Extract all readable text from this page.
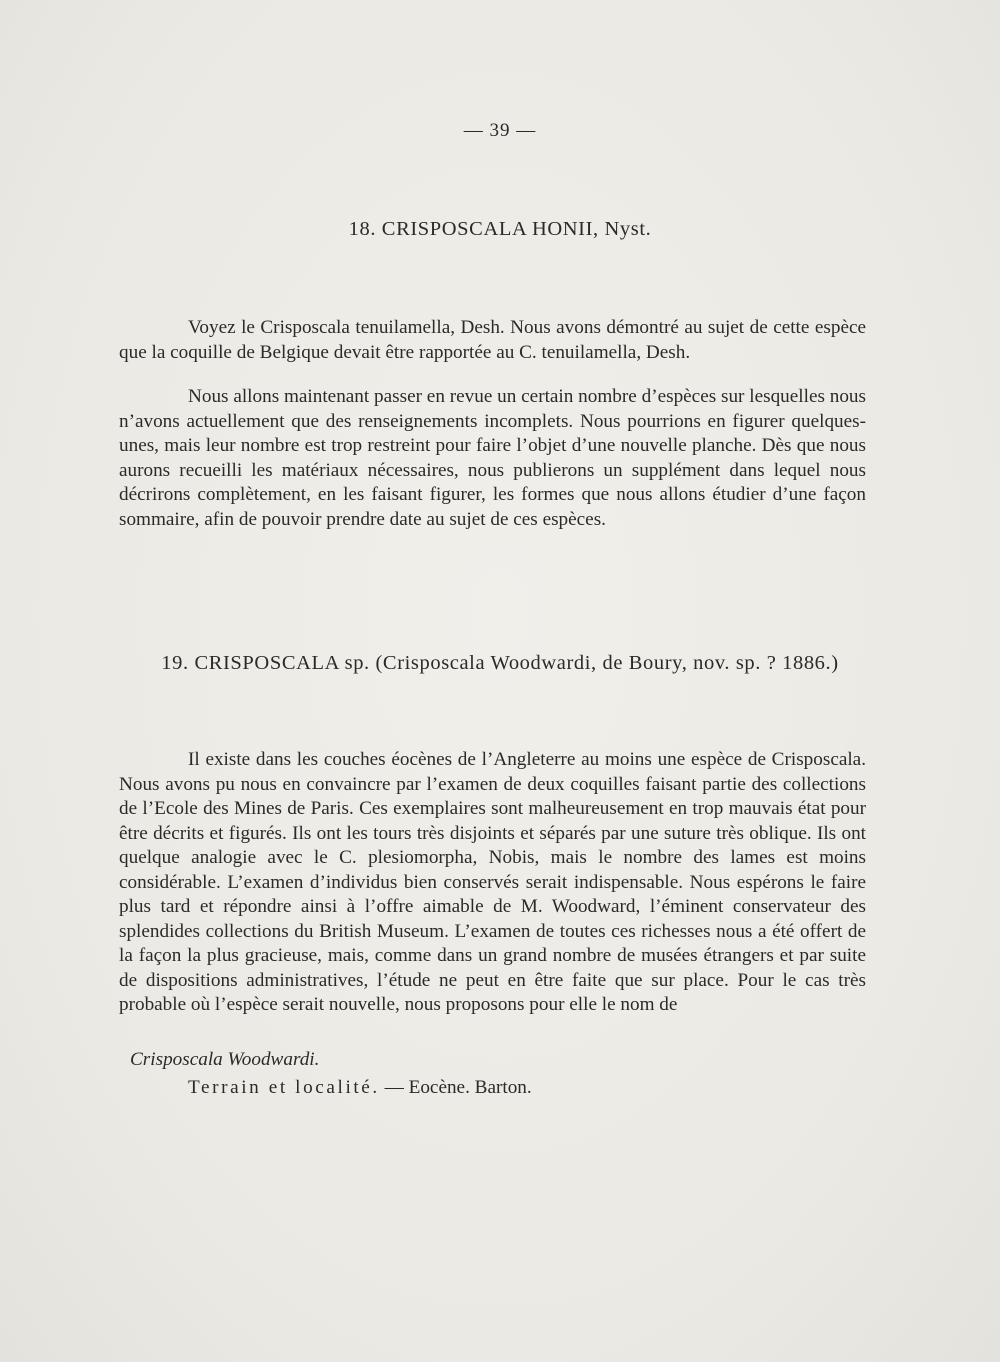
— 39 —
18. CRISPOSCALA HONII, Nyst.

Voyez le Crisposcala tenuilamella, Desh. Nous avons démontré au sujet de cette espèce que la coquille de Belgique devait être rapportée au C. tenuilamella, Desh.

Nous allons maintenant passer en revue un certain nombre d’espèces sur lesquelles nous n’avons actuellement que des renseignements incomplets. Nous pourrions en figurer quelques-unes, mais leur nombre est trop restreint pour faire l’objet d’une nouvelle planche. Dès que nous aurons recueilli les matériaux nécessaires, nous publierons un supplément dans lequel nous décrirons complètement, en les faisant figurer, les formes que nous allons étudier d’une façon sommaire, afin de pouvoir prendre date au sujet de ces espèces.

19. CRISPOSCALA sp. (Crisposcala Woodwardi, de Boury, nov. sp. ? 1886.)

Il existe dans les couches éocènes de l’Angleterre au moins une espèce de Crisposcala. Nous avons pu nous en convaincre par l’examen de deux coquilles faisant partie des collections de l’Ecole des Mines de Paris. Ces exemplaires sont malheureusement en trop mauvais état pour être décrits et figurés. Ils ont les tours très disjoints et séparés par une suture très oblique. Ils ont quelque analogie avec le C. plesiomorpha, Nobis, mais le nombre des lames est moins considérable. L’examen d’individus bien conservés serait indispensable. Nous espérons le faire plus tard et répondre ainsi à l’offre aimable de M. Woodward, l’éminent conservateur des splendides collections du British Museum. L’examen de toutes ces richesses nous a été offert de la façon la plus gracieuse, mais, comme dans un grand nombre de musées étrangers et par suite de dispositions administratives, l’étude ne peut en être faite que sur place. Pour le cas très probable où l’espèce serait nouvelle, nous proposons pour elle le nom de

Crisposcala Woodwardi.
Terrain et localité. — Eocène. Barton.
